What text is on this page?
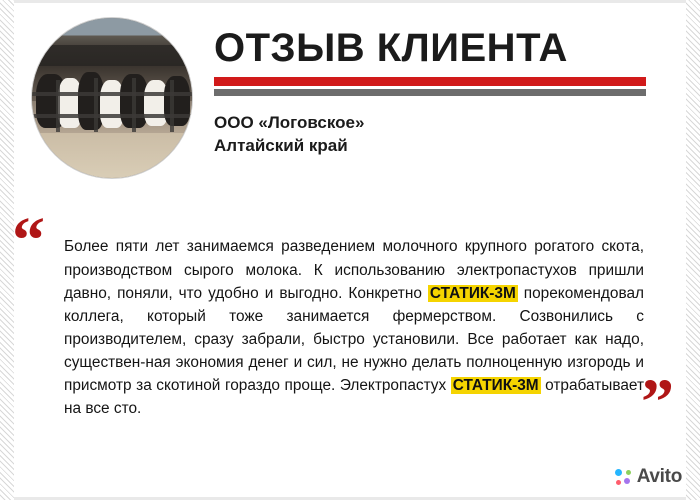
ОТЗЫВ КЛИЕНТА
ООО «Логовское»
Алтайский край
“
”

Более пяти лет занимаемся разведением молочного крупного рогатого скота, производством сырого молока. К использованию электропастухов пришли давно, поняли, что удобно и выгодно. Конкретно СТАТИК-3М порекомендовал коллега, который тоже занимается фермерством. Созвонились с производителем, сразу забрали, быстро установили. Все работает как надо, существен-ная экономия денег и сил, не нужно делать полноценную изгородь и присмотр за скотиной гораздо проще. Электропастух СТАТИК-3М отрабатывает на все сто.

Avito
